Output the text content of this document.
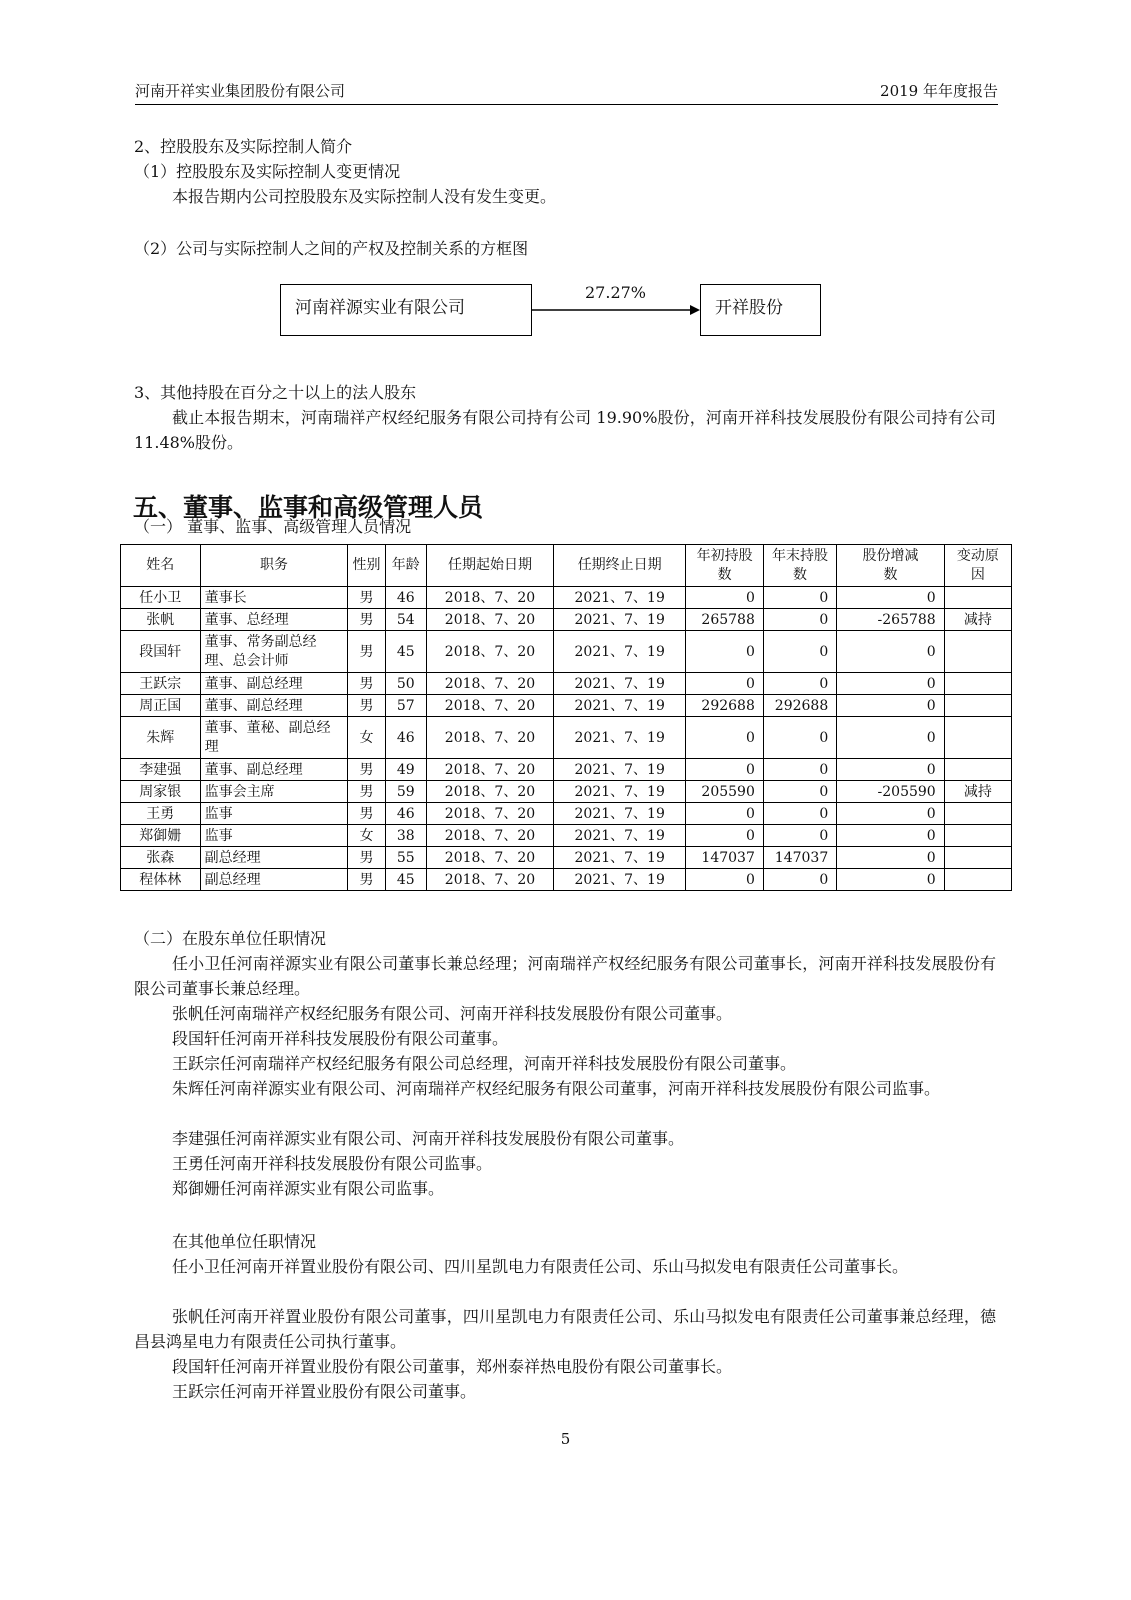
河南开祥实业集团股份有限公司	2019 年年度报告
2、控股股东及实际控制人简介
（1）控股股东及实际控制人变更情况
本报告期内公司控股股东及实际控制人没有发生变更。
（2）公司与实际控制人之间的产权及控制关系的方框图
河南祥源实业有限公司
27.27%
开祥股份
3、其他持股在百分之十以上的法人股东
截止本报告期末，河南瑞祥产权经纪服务有限公司持有公司 19.90%股份，河南开祥科技发展股份有限公司持有公司 11.48%股份。
五、董事、监事和高级管理人员
（一） 董事、监事、高级管理人员情况
姓名	职务	性别	年龄	任期起始日期	任期终止日期	年初持股数	年末持股数	股份增减数	变动原因
任小卫	董事长	男	46	2018、7、20	2021、7、19	0	0	0	
张帆	董事、总经理	男	54	2018、7、20	2021、7、19	265788	0	-265788	减持
段国轩	董事、常务副总经理、总会计师	男	45	2018、7、20	2021、7、19	0	0	0	
王跃宗	董事、副总经理	男	50	2018、7、20	2021、7、19	0	0	0	
周正国	董事、副总经理	男	57	2018、7、20	2021、7、19	292688	292688	0	
朱辉	董事、董秘、副总经理	女	46	2018、7、20	2021、7、19	0	0	0	
李建强	董事、副总经理	男	49	2018、7、20	2021、7、19	0	0	0	
周家银	监事会主席	男	59	2018、7、20	2021、7、19	205590	0	-205590	减持
王勇	监事	男	46	2018、7、20	2021、7、19	0	0	0	
郑御姗	监事	女	38	2018、7、20	2021、7、19	0	0	0	
张森	副总经理	男	55	2018、7、20	2021、7、19	147037	147037	0	
程体林	副总经理	男	45	2018、7、20	2021、7、19	0	0	0	
（二）在股东单位任职情况
任小卫任河南祥源实业有限公司董事长兼总经理；河南瑞祥产权经纪服务有限公司董事长，河南开祥科技发展股份有限公司董事长兼总经理。
张帆任河南瑞祥产权经纪服务有限公司、河南开祥科技发展股份有限公司董事。
段国轩任河南开祥科技发展股份有限公司董事。
王跃宗任河南瑞祥产权经纪服务有限公司总经理，河南开祥科技发展股份有限公司董事。
朱辉任河南祥源实业有限公司、河南瑞祥产权经纪服务有限公司董事，河南开祥科技发展股份有限公司监事。
李建强任河南祥源实业有限公司、河南开祥科技发展股份有限公司董事。
王勇任河南开祥科技发展股份有限公司监事。
郑御姗任河南祥源实业有限公司监事。
在其他单位任职情况
任小卫任河南开祥置业股份有限公司、四川星凯电力有限责任公司、乐山马拟发电有限责任公司董事长。
张帆任河南开祥置业股份有限公司董事，四川星凯电力有限责任公司、乐山马拟发电有限责任公司董事兼总经理，德昌县鸿星电力有限责任公司执行董事。
段国轩任河南开祥置业股份有限公司董事，郑州泰祥热电股份有限公司董事长。
王跃宗任河南开祥置业股份有限公司董事。
5
